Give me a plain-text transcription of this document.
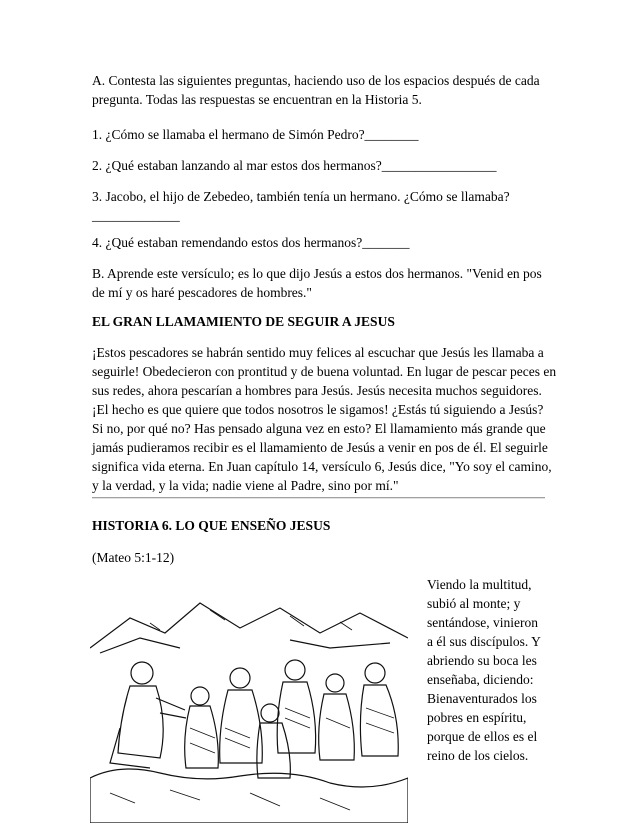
A. Contesta las siguientes preguntas, haciendo uso de los espacios después de cada pregunta. Todas las respuestas se encuentran en la Historia 5.

1. ¿Cómo se llamaba el hermano de Simón Pedro?________

2. ¿Qué estaban lanzando al mar estos dos hermanos?_________________

3. Jacobo, el hijo de Zebedeo, también tenía un hermano. ¿Cómo se llamaba? _____________

4. ¿Qué estaban remendando estos dos hermanos?_______

B. Aprende este versículo; es lo que dijo Jesús a estos dos hermanos. "Venid en pos de mí y os haré pescadores de hombres."

EL GRAN LLAMAMIENTO DE SEGUIR A JESUS

¡Estos pescadores se habrán sentido muy felices al escuchar que Jesús les llamaba a seguirle! Obedecieron con prontitud y de buena voluntad. En lugar de pescar peces en sus redes, ahora pescarían a hombres para Jesús. Jesús necesita muchos seguidores. ¡El hecho es que quiere que todos nosotros le sigamos! ¿Estás tú siguiendo a Jesús? Si no, por qué no? Has pensado alguna vez en esto? El llamamiento más grande que jamás pudieramos recibir es el llamamiento de Jesús a venir en pos de él. El seguirle significa vida eterna. En Juan capítulo 14, versículo 6, Jesús dice, "Yo soy el camino, y la verdad, y la vida; nadie viene al Padre, sino por mí."

HISTORIA 6. LO QUE ENSEÑO JESUS

(Mateo 5:1-12)

Viendo la multitud, subió al monte; y sentándose, vinieron a él sus discípulos. Y abriendo su boca les enseñaba, diciendo: Bienaventurados los pobres en espíritu, porque de ellos es el reino de los cielos.
